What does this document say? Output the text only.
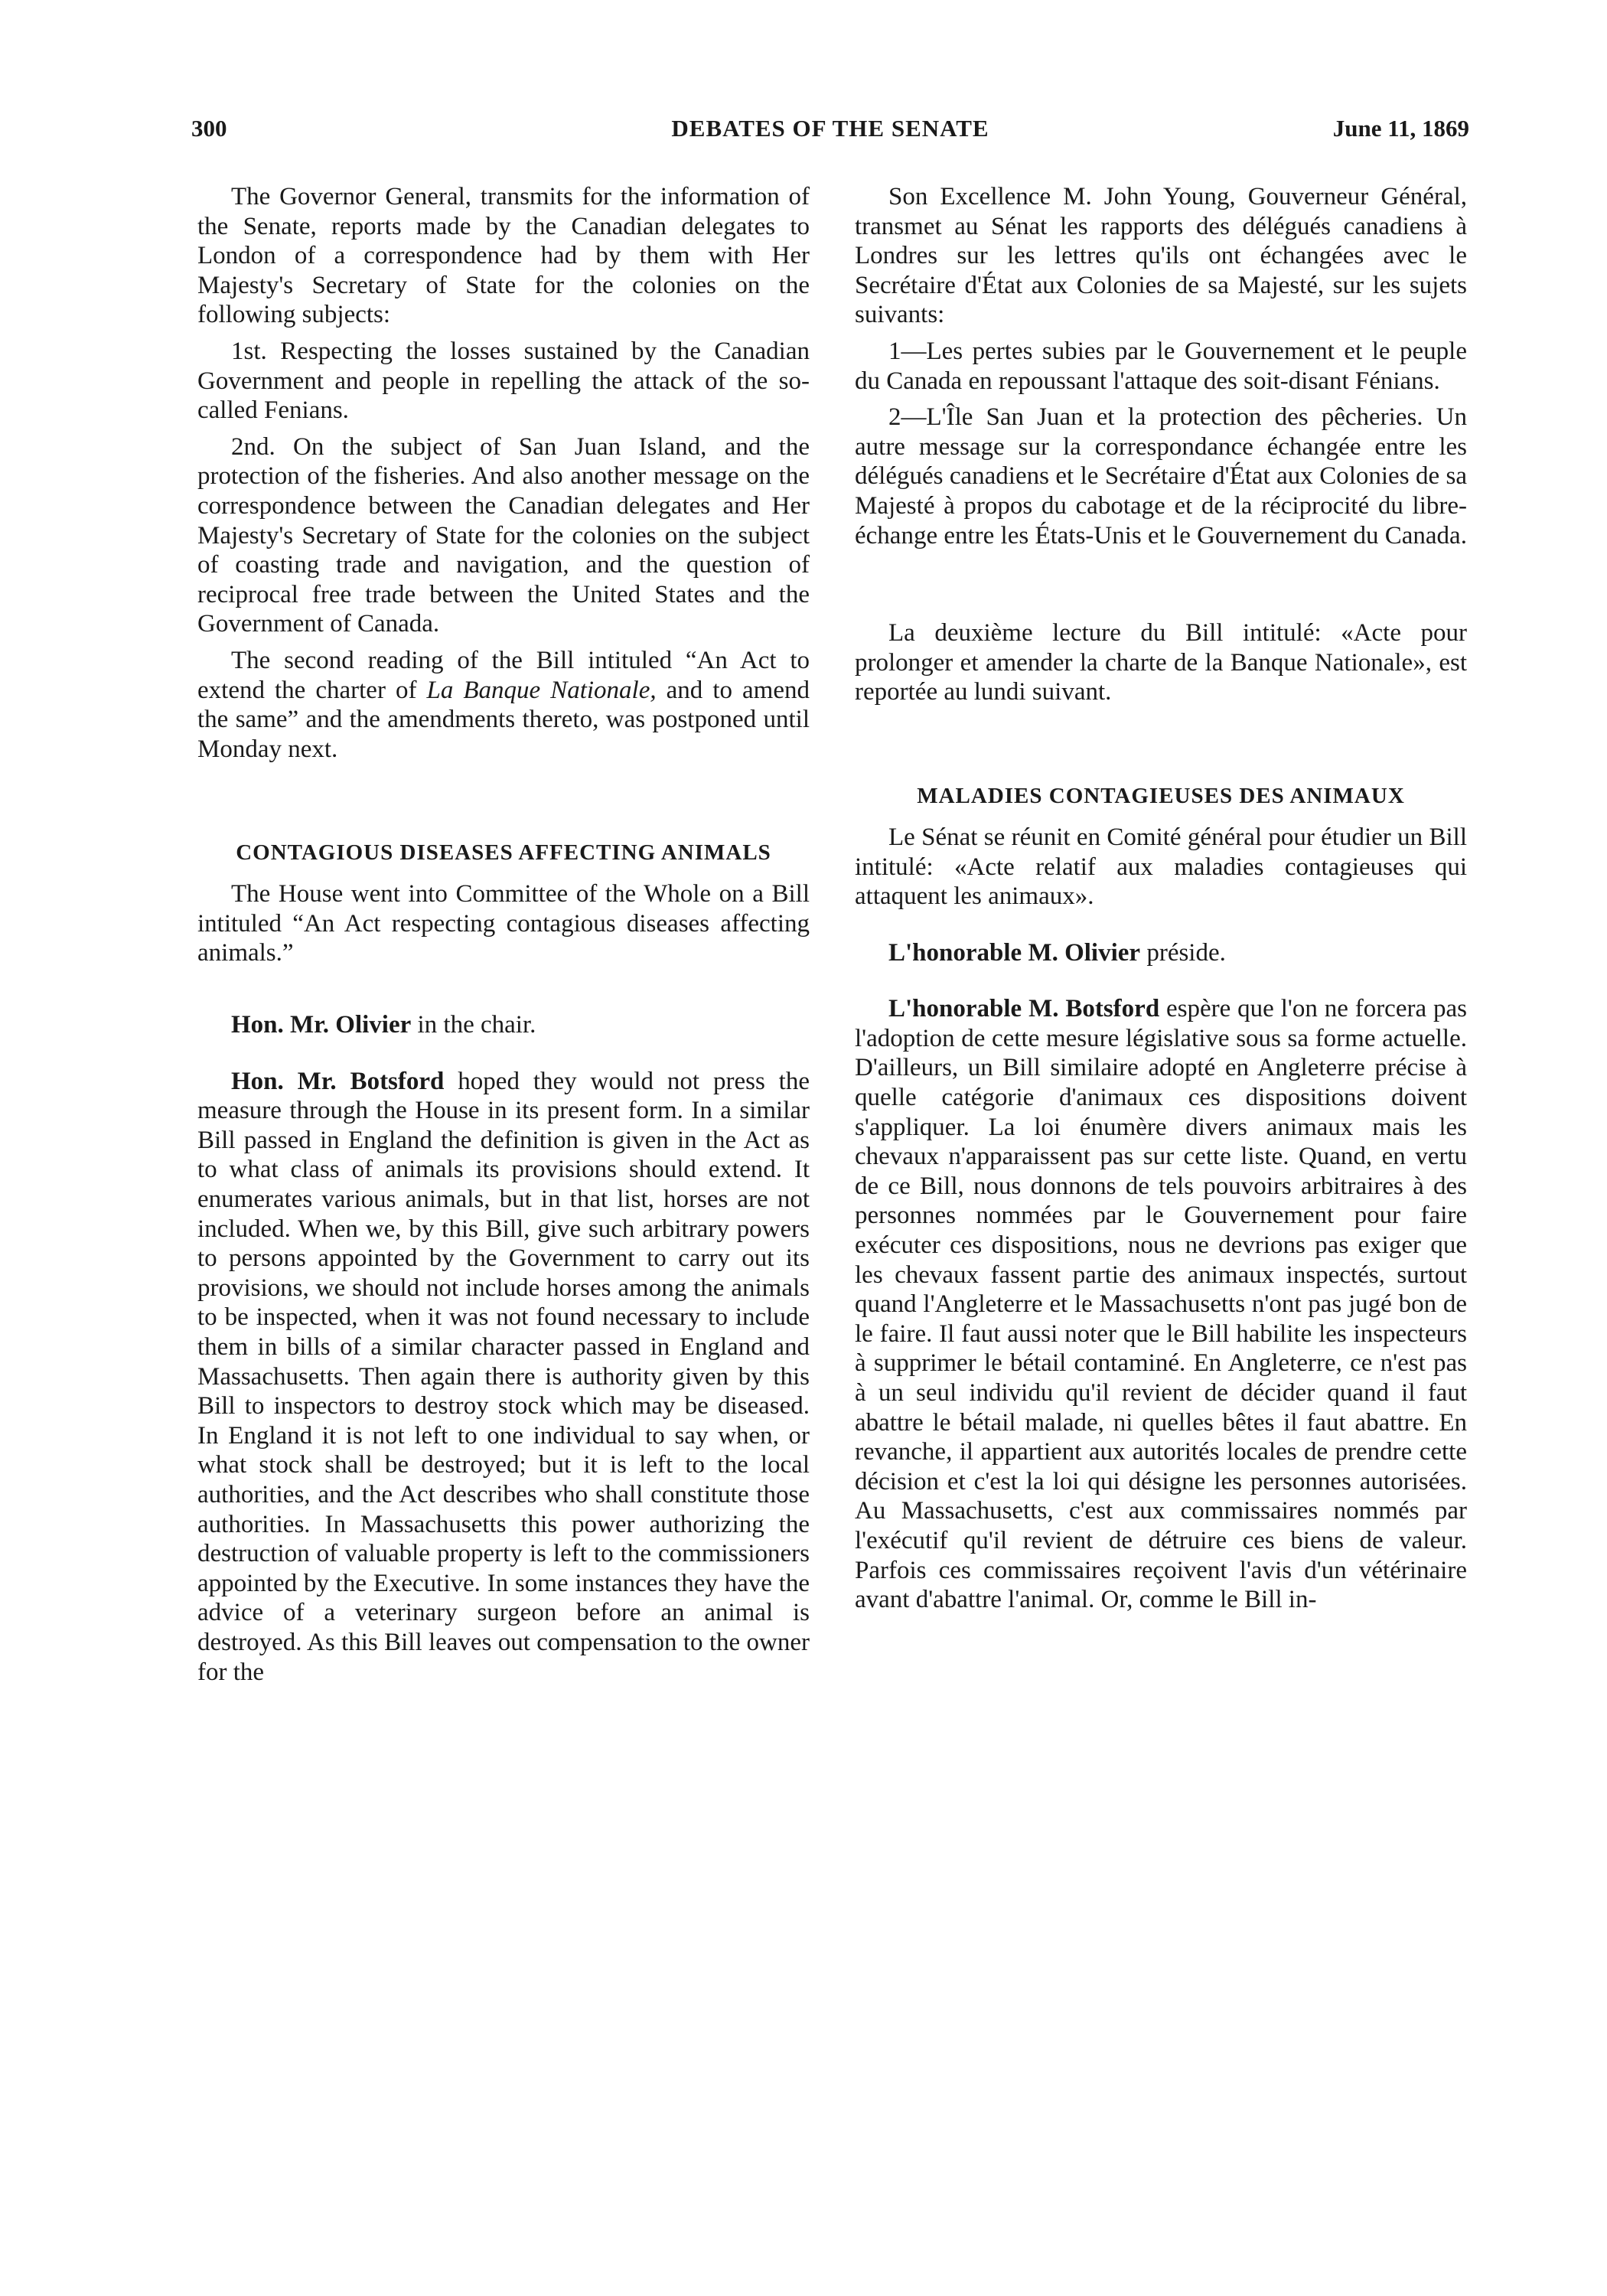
300	DEBATES OF THE SENATE	June 11, 1869

The Governor General, transmits for the information of the Senate, reports made by the Canadian delegates to London of a correspondence had by them with Her Majesty's Secretary of State for the colonies on the following subjects:

1st. Respecting the losses sustained by the Canadian Government and people in repelling the attack of the so-called Fenians.

2nd. On the subject of San Juan Island, and the protection of the fisheries. And also another message on the correspondence between the Canadian delegates and Her Majesty's Secretary of State for the colonies on the subject of coasting trade and navigation, and the question of reciprocal free trade between the United States and the Government of Canada.

The second reading of the Bill intituled “An Act to extend the charter of La Banque Nationale, and to amend the same” and the amendments thereto, was postponed until Monday next.

CONTAGIOUS DISEASES AFFECTING ANIMALS

The House went into Committee of the Whole on a Bill intituled “An Act respecting contagious diseases affecting animals.”

Hon. Mr. Olivier in the chair.

Hon. Mr. Botsford hoped they would not press the measure through the House in its present form. In a similar Bill passed in England the definition is given in the Act as to what class of animals its provisions should extend. It enumerates various animals, but in that list, horses are not included. When we, by this Bill, give such arbitrary powers to persons appointed by the Government to carry out its provisions, we should not include horses among the animals to be inspected, when it was not found necessary to include them in bills of a similar character passed in England and Massachusetts. Then again there is authority given by this Bill to inspectors to destroy stock which may be diseased. In England it is not left to one individual to say when, or what stock shall be destroyed; but it is left to the local authorities, and the Act describes who shall constitute those authorities. In Massachusetts this power authorizing the destruction of valuable property is left to the commissioners appointed by the Executive. In some instances they have the advice of a veterinary surgeon before an animal is destroyed. As this Bill leaves out compensation to the owner for the

Son Excellence M. John Young, Gouverneur Général, transmet au Sénat les rapports des délégués canadiens à Londres sur les lettres qu'ils ont échangées avec le Secrétaire d'État aux Colonies de sa Majesté, sur les sujets suivants:

1—Les pertes subies par le Gouvernement et le peuple du Canada en repoussant l'attaque des soit-disant Fénians.

2—L'Île San Juan et la protection des pêcheries. Un autre message sur la correspondance échangée entre les délégués canadiens et le Secrétaire d'État aux Colonies de sa Majesté à propos du cabotage et de la réciprocité du libre-échange entre les États-Unis et le Gouvernement du Canada.

La deuxième lecture du Bill intitulé: «Acte pour prolonger et amender la charte de la Banque Nationale», est reportée au lundi suivant.

MALADIES CONTAGIEUSES DES ANIMAUX

Le Sénat se réunit en Comité général pour étudier un Bill intitulé: «Acte relatif aux maladies contagieuses qui attaquent les animaux».

L'honorable M. Olivier préside.

L'honorable M. Botsford espère que l'on ne forcera pas l'adoption de cette mesure législative sous sa forme actuelle. D'ailleurs, un Bill similaire adopté en Angleterre précise à quelle catégorie d'animaux ces dispositions doivent s'appliquer. La loi énumère divers animaux mais les chevaux n'apparaissent pas sur cette liste. Quand, en vertu de ce Bill, nous donnons de tels pouvoirs arbitraires à des personnes nommées par le Gouvernement pour faire exécuter ces dispositions, nous ne devrions pas exiger que les chevaux fassent partie des animaux inspectés, surtout quand l'Angleterre et le Massachusetts n'ont pas jugé bon de le faire. Il faut aussi noter que le Bill habilite les inspecteurs à supprimer le bétail contaminé. En Angleterre, ce n'est pas à un seul individu qu'il revient de décider quand il faut abattre le bétail malade, ni quelles bêtes il faut abattre. En revanche, il appartient aux autorités locales de prendre cette décision et c'est la loi qui désigne les personnes autorisées. Au Massachusetts, c'est aux commissaires nommés par l'exécutif qu'il revient de détruire ces biens de valeur. Parfois ces commissaires reçoivent l'avis d'un vétérinaire avant d'abattre l'animal. Or, comme le Bill in-
